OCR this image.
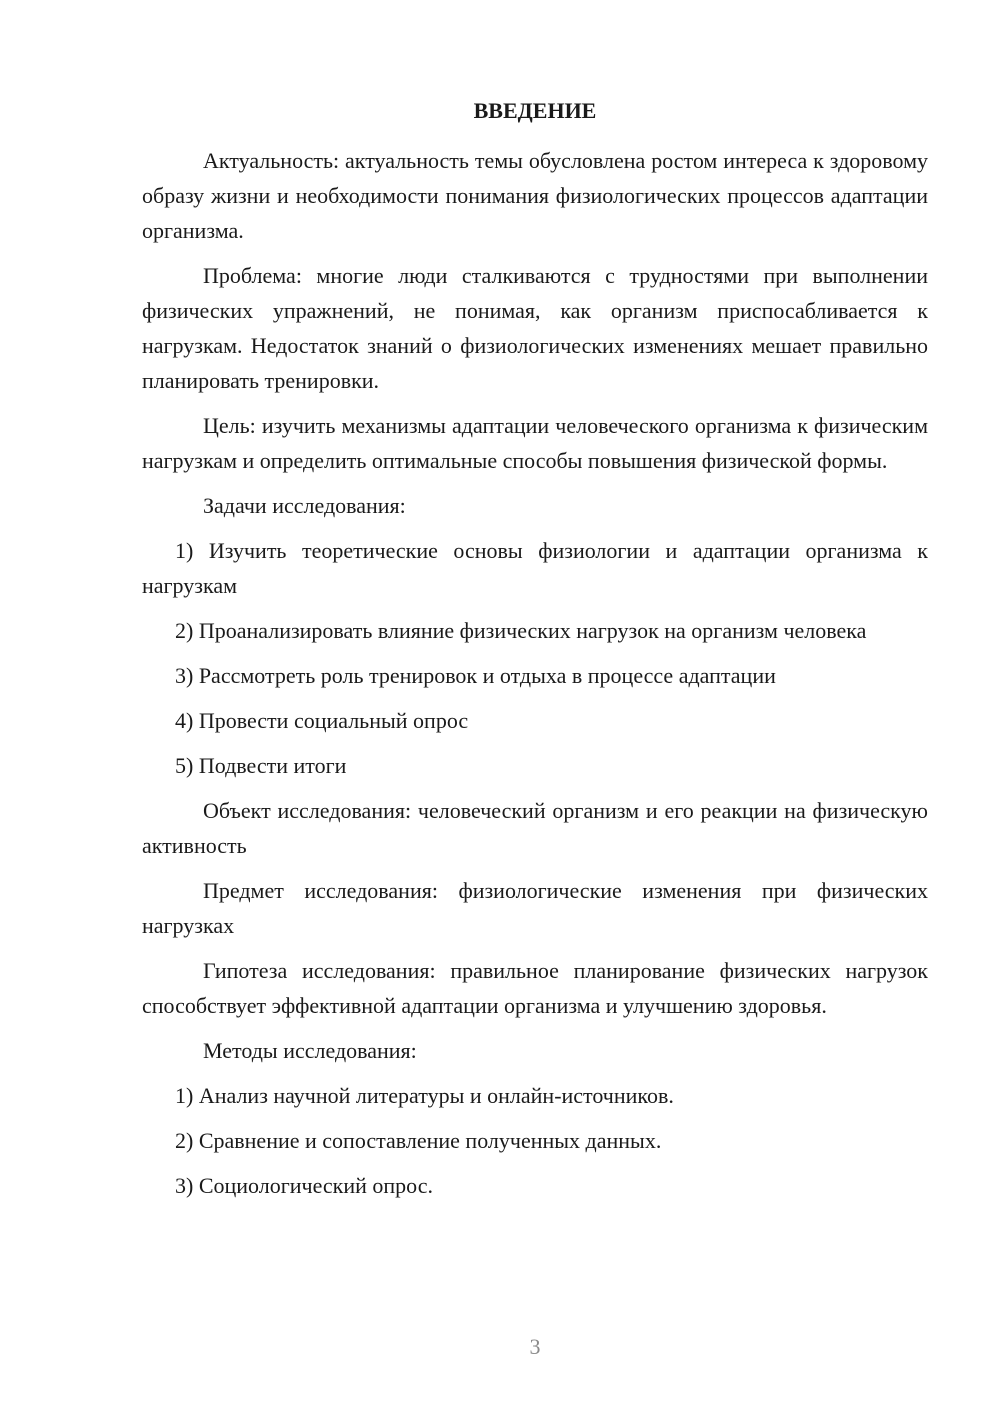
ВВЕДЕНИЕ

Актуальность: актуальность темы обусловлена ростом интереса к здоровому образу жизни и необходимости понимания физиологических процессов адаптации организма.

Проблема: многие люди сталкиваются с трудностями при выполнении физических упражнений, не понимая, как организм приспосабливается к нагрузкам. Недостаток знаний о физиологических изменениях мешает правильно планировать тренировки.

Цель: изучить механизмы адаптации человеческого организма к физическим нагрузкам и определить оптимальные способы повышения физической формы.

Задачи исследования:

1) Изучить теоретические основы физиологии и адаптации организма к нагрузкам

2) Проанализировать влияние физических нагрузок на организм человека

3) Рассмотреть роль тренировок и отдыха в процессе адаптации

4) Провести социальный опрос

5) Подвести итоги

Объект исследования: человеческий организм и его реакции на физическую активность

Предмет исследования: физиологические изменения при физических нагрузках

Гипотеза исследования: правильное планирование физических нагрузок способствует эффективной адаптации организма и улучшению здоровья.

Методы исследования:

1) Анализ научной литературы и онлайн-источников.

2) Сравнение и сопоставление полученных данных.

3) Социологический опрос.

3
